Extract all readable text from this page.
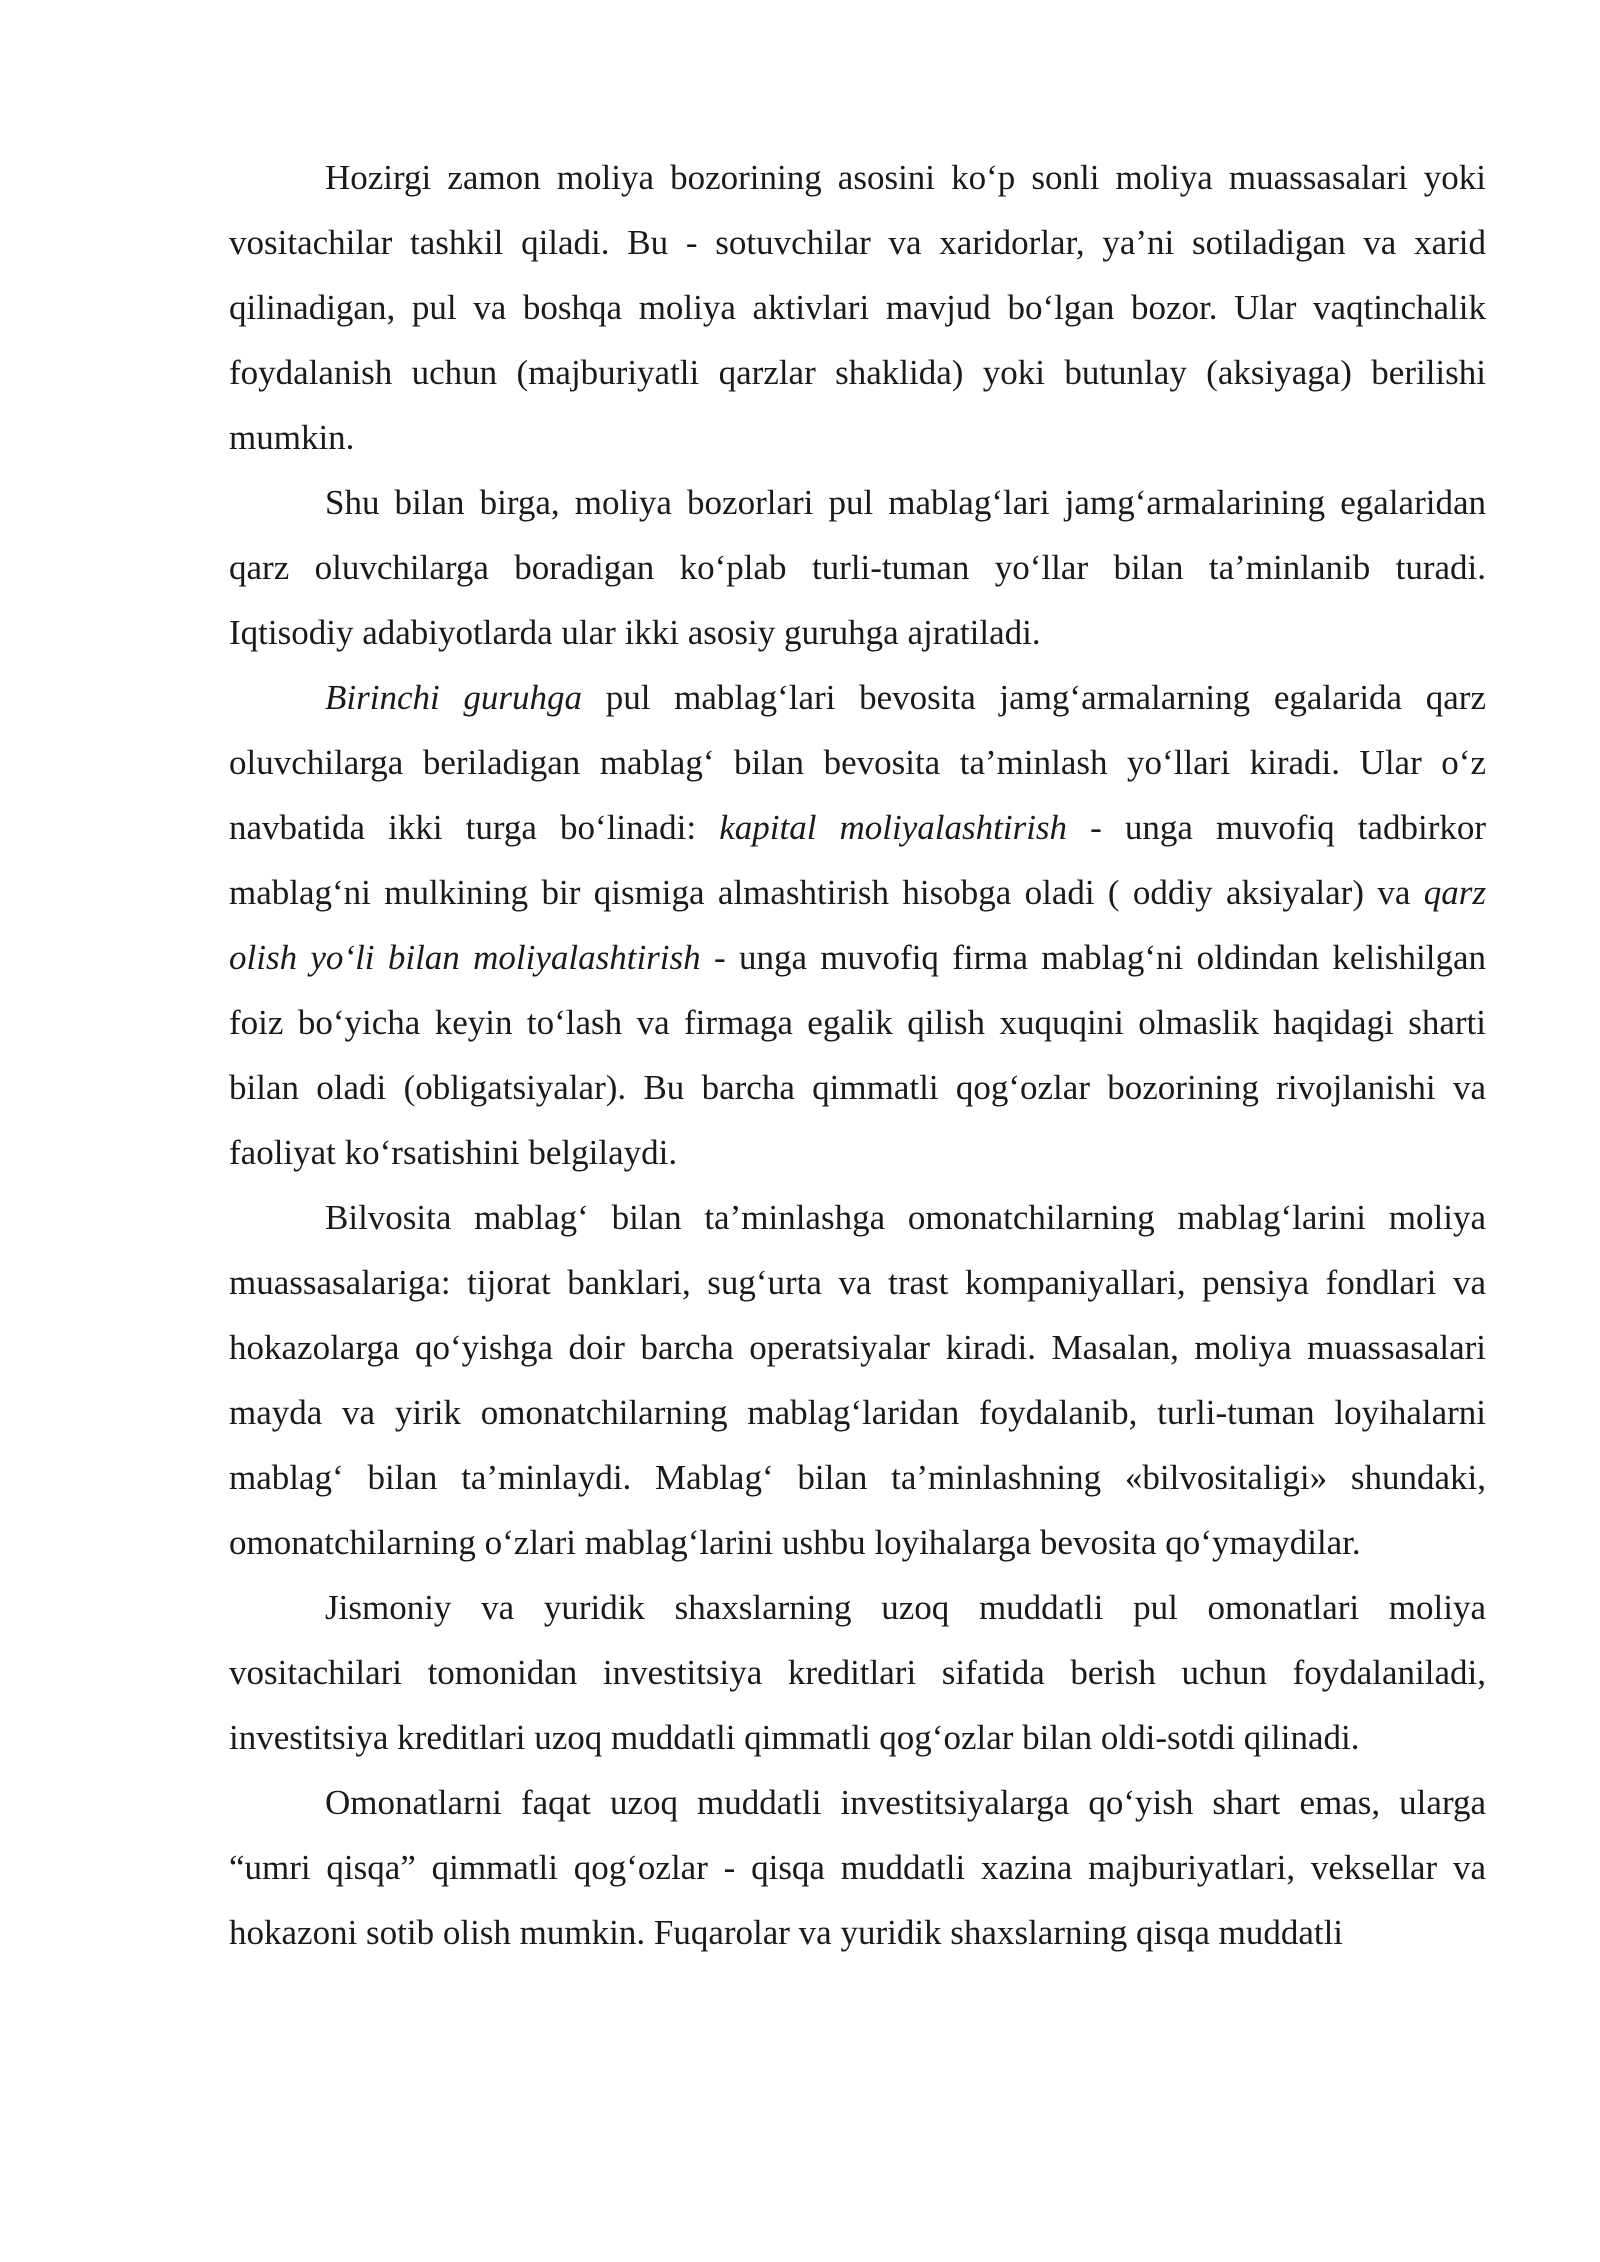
Hozirgi zamon moliya bozorining asosini ko‘p sonli moliya muassasalari yoki vositachilar tashkil qiladi. Bu - sotuvchilar va xaridorlar, ya’ni sotiladigan va xarid qilinadigan, pul va boshqa moliya aktivlari mavjud bo‘lgan bozor. Ular vaqtinchalik foydalanish uchun (majburiyatli qarzlar shaklida) yoki butunlay (aksiyaga) berilishi mumkin.

Shu bilan birga, moliya bozorlari pul mablag‘lari jamg‘armalarining egalaridan qarz oluvchilarga boradigan ko‘plab turli-tuman yo‘llar bilan ta’minlanib turadi. Iqtisodiy adabiyotlarda ular ikki asosiy guruhga ajratiladi.

Birinchi guruhga pul mablag‘lari bevosita jamg‘armalarning egalarida qarz oluvchilarga beriladigan mablag‘ bilan bevosita ta’minlash yo‘llari kiradi. Ular o‘z navbatida ikki turga bo‘linadi: kapital moliyalashtirish - unga muvofiq tadbirkor mablag‘ni mulkining bir qismiga almashtirish hisobga oladi ( oddiy aksiyalar) va qarz olish yo‘li bilan moliyalashtirish - unga muvofiq firma mablag‘ni oldindan kelishilgan foiz bo‘yicha keyin to‘lash va firmaga egalik qilish xuquqini olmaslik haqidagi sharti bilan oladi (obligatsiyalar). Bu barcha qimmatli qog‘ozlar bozorining rivojlanishi va faoliyat ko‘rsatishini belgilaydi.

Bilvosita mablag‘ bilan ta’minlashga omonatchilarning mablag‘larini moliya muassasalariga: tijorat banklari, sug‘urta va trast kompaniyallari, pensiya fondlari va hokazolarga qo‘yishga doir barcha operatsiyalar kiradi. Masalan, moliya muassasalari mayda va yirik omonatchilarning mablag‘laridan foydalanib, turli-tuman loyihalarni mablag‘ bilan ta’minlaydi. Mablag‘ bilan ta’minlashning «bilvositaligi» shundaki, omonatchilarning o‘zlari mablag‘larini ushbu loyihalarga bevosita qo‘ymaydilar.

Jismoniy va yuridik shaxslarning uzoq muddatli pul omonatlari moliya vositachilari tomonidan investitsiya kreditlari sifatida berish uchun foydalaniladi, investitsiya kreditlari uzoq muddatli qimmatli qog‘ozlar bilan oldi-sotdi qilinadi.

Omonatlarni faqat uzoq muddatli investitsiyalarga qo‘yish shart emas, ularga “umri qisqa” qimmatli qog‘ozlar - qisqa muddatli xazina majburiyatlari, veksellar va hokazoni sotib olish mumkin. Fuqarolar va yuridik shaxslarning qisqa muddatli
